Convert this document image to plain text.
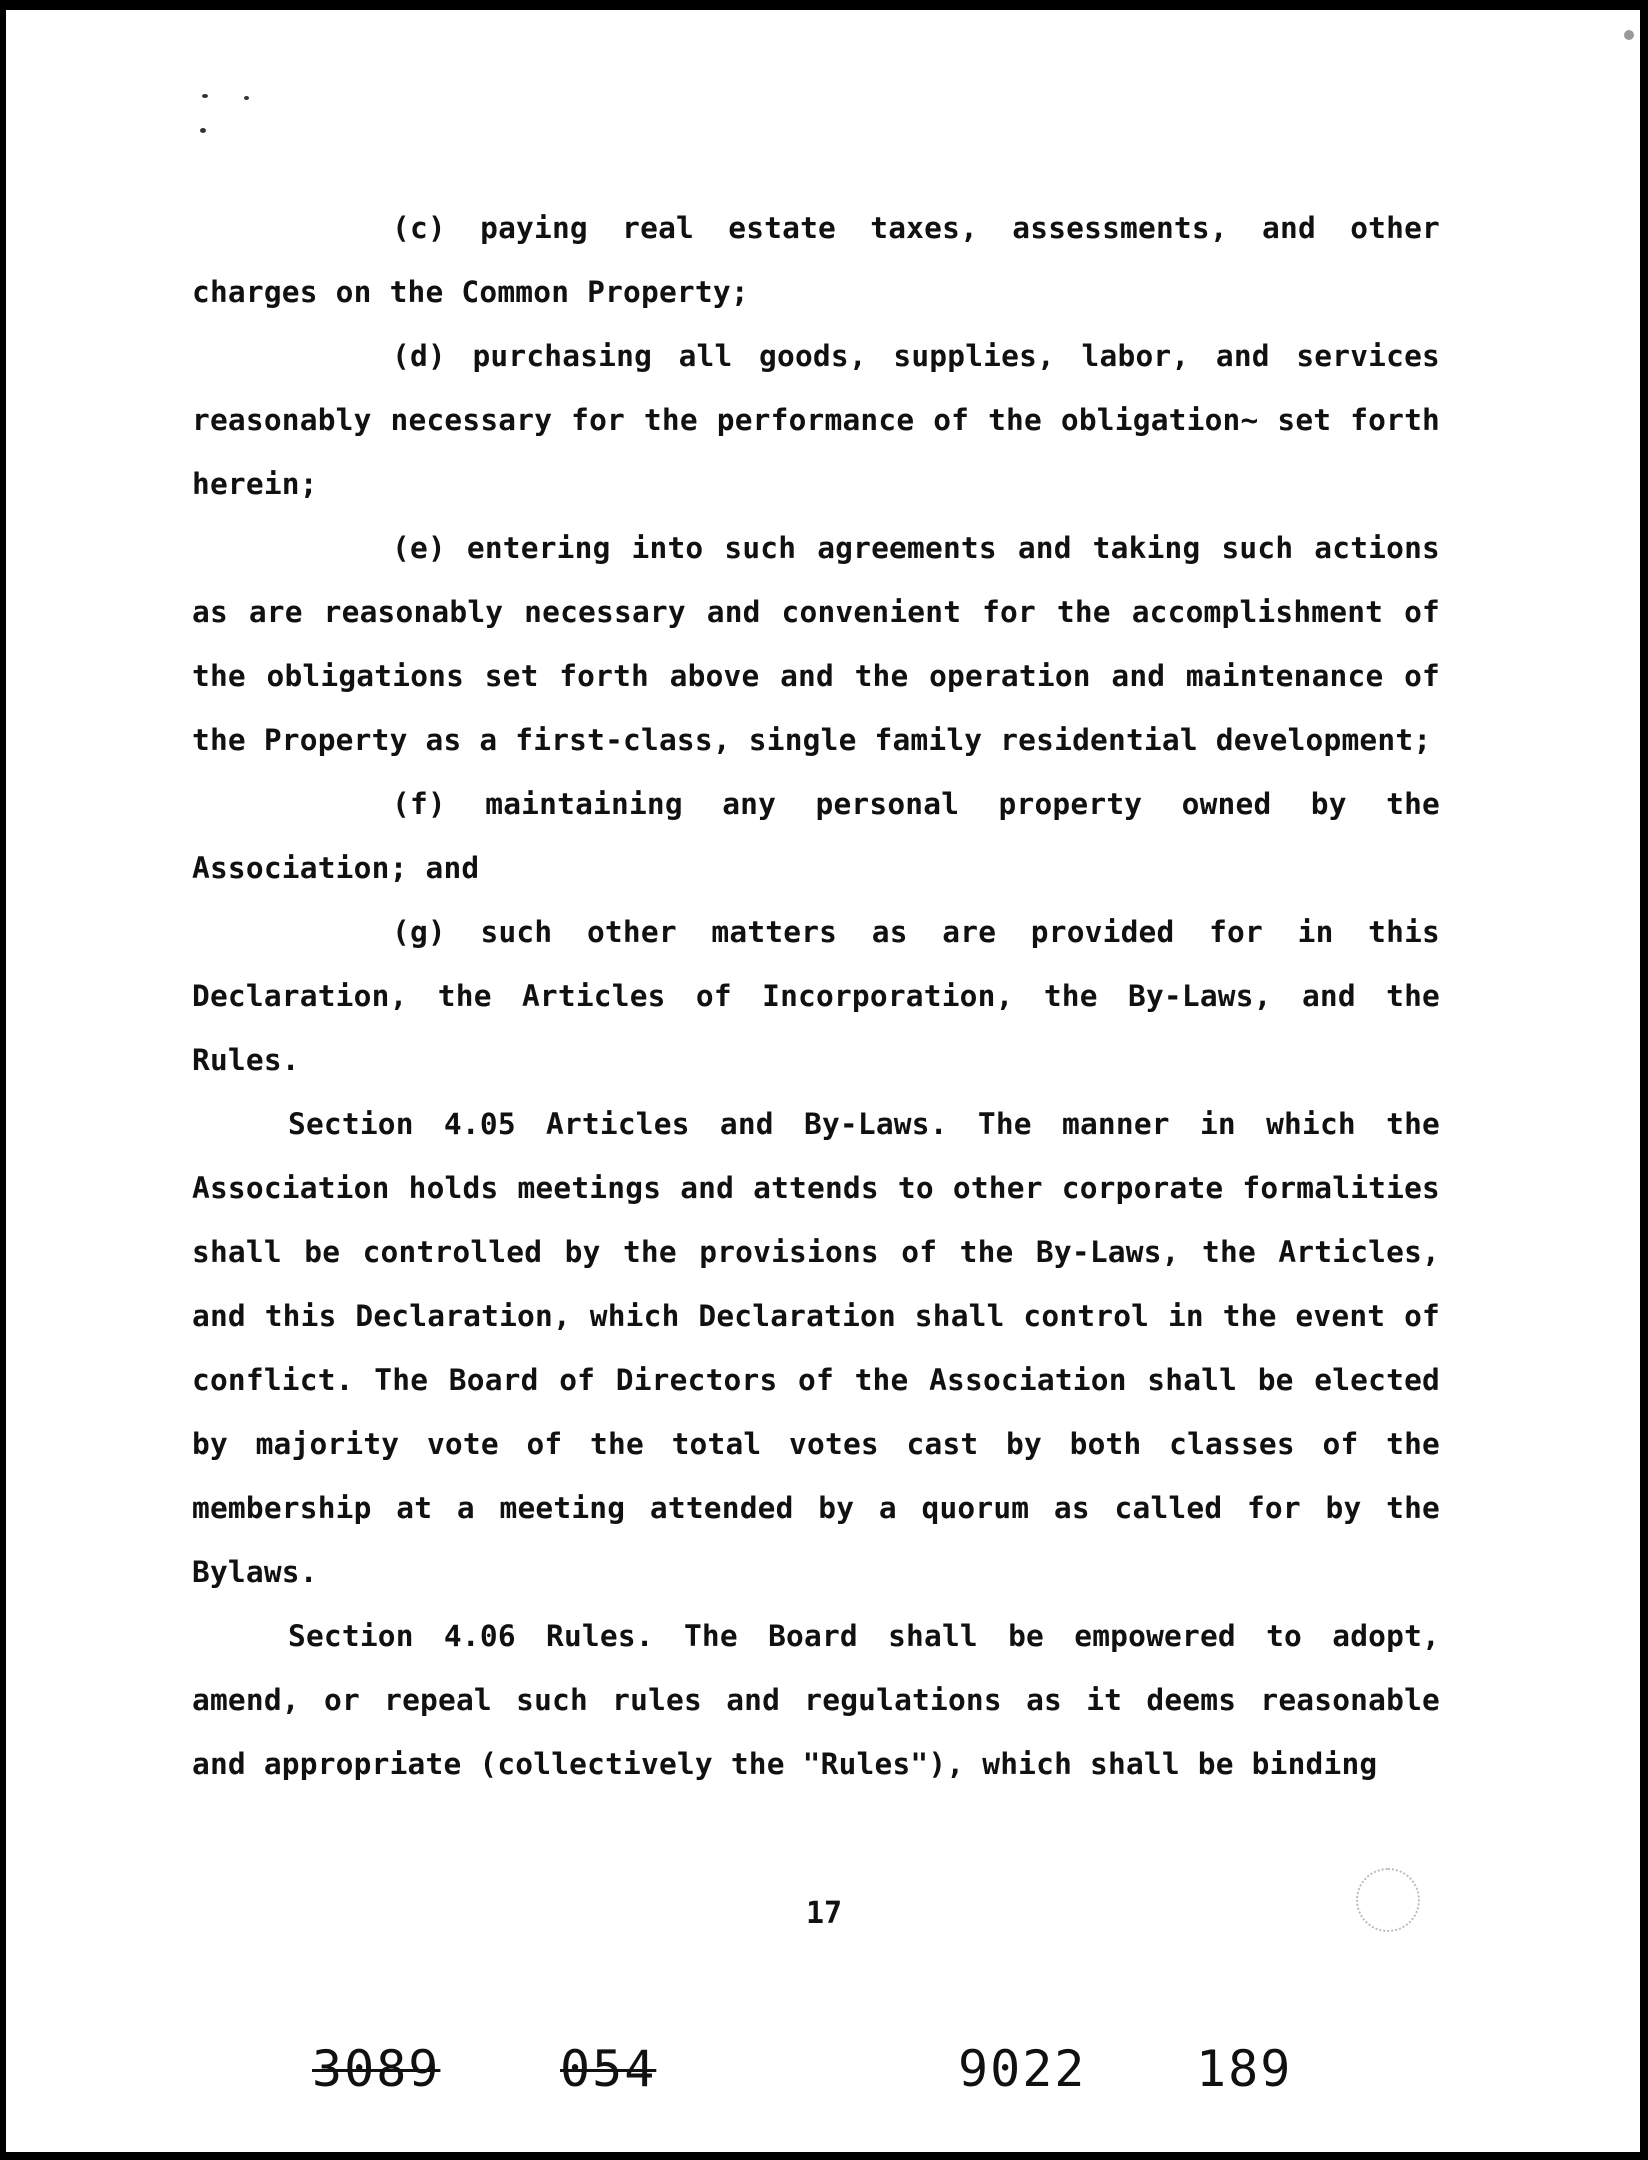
(c) paying real estate taxes, assessments, and other charges on the Common Property;

(d) purchasing all goods, supplies, labor, and services reasonably necessary for the performance of the obligation~ set forth herein;

(e) entering into such agreements and taking such actions as are reasonably necessary and convenient for the accomplishment of the obligations set forth above and the operation and maintenance of the Property as a first-class, single family residential development;

(f) maintaining any personal property owned by the Association; and

(g) such other matters as are provided for in this Declaration, the Articles of Incorporation, the By-Laws, and the Rules.

Section 4.05 Articles and By-Laws. The manner in which the Association holds meetings and attends to other corporate formalities shall be controlled by the provisions of the By-Laws, the Articles, and this Declaration, which Declaration shall control in the event of conflict. The Board of Directors of the Association shall be elected by majority vote of the total votes cast by both classes of the membership at a meeting attended by a quorum as called for by the Bylaws.

Section 4.06 Rules. The Board shall be empowered to adopt, amend, or repeal such rules and regulations as it deems reasonable and appropriate (collectively the "Rules"), which shall be binding

17
3089 054	9022 189
